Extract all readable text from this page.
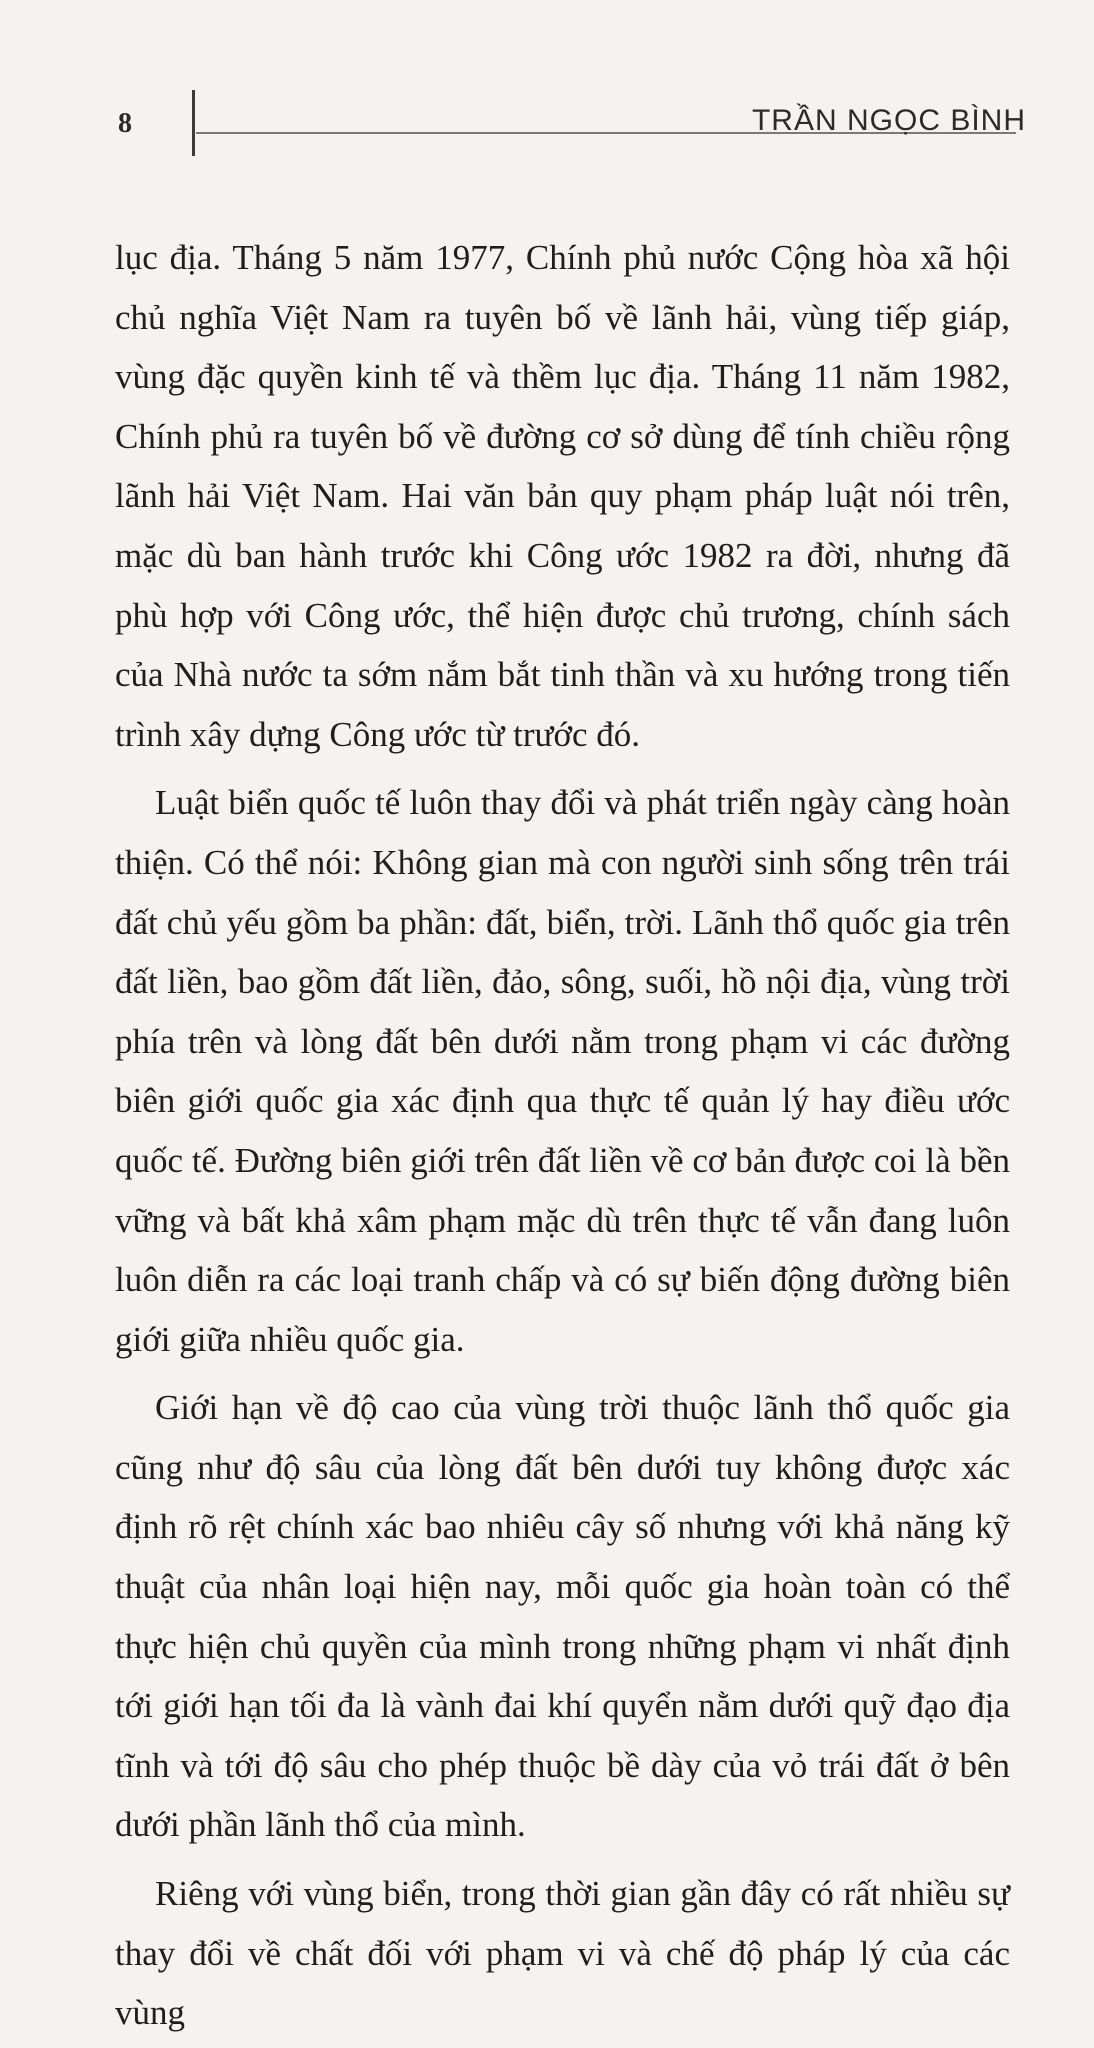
8	TRẦN NGỌC BÌNH

lục địa. Tháng 5 năm 1977, Chính phủ nước Cộng hòa xã hội chủ nghĩa Việt Nam ra tuyên bố về lãnh hải, vùng tiếp giáp, vùng đặc quyền kinh tế và thềm lục địa. Tháng 11 năm 1982, Chính phủ ra tuyên bố về đường cơ sở dùng để tính chiều rộng lãnh hải Việt Nam. Hai văn bản quy phạm pháp luật nói trên, mặc dù ban hành trước khi Công ước 1982 ra đời, nhưng đã phù hợp với Công ước, thể hiện được chủ trương, chính sách của Nhà nước ta sớm nắm bắt tinh thần và xu hướng trong tiến trình xây dựng Công ước từ trước đó.

Luật biển quốc tế luôn thay đổi và phát triển ngày càng hoàn thiện. Có thể nói: Không gian mà con người sinh sống trên trái đất chủ yếu gồm ba phần: đất, biển, trời. Lãnh thổ quốc gia trên đất liền, bao gồm đất liền, đảo, sông, suối, hồ nội địa, vùng trời phía trên và lòng đất bên dưới nằm trong phạm vi các đường biên giới quốc gia xác định qua thực tế quản lý hay điều ước quốc tế. Đường biên giới trên đất liền về cơ bản được coi là bền vững và bất khả xâm phạm mặc dù trên thực tế vẫn đang luôn luôn diễn ra các loại tranh chấp và có sự biến động đường biên giới giữa nhiều quốc gia.

Giới hạn về độ cao của vùng trời thuộc lãnh thổ quốc gia cũng như độ sâu của lòng đất bên dưới tuy không được xác định rõ rệt chính xác bao nhiêu cây số nhưng với khả năng kỹ thuật của nhân loại hiện nay, mỗi quốc gia hoàn toàn có thể thực hiện chủ quyền của mình trong những phạm vi nhất định tới giới hạn tối đa là vành đai khí quyển nằm dưới quỹ đạo địa tĩnh và tới độ sâu cho phép thuộc bề dày của vỏ trái đất ở bên dưới phần lãnh thổ của mình.

Riêng với vùng biển, trong thời gian gần đây có rất nhiều sự thay đổi về chất đối với phạm vi và chế độ pháp lý của các vùng
